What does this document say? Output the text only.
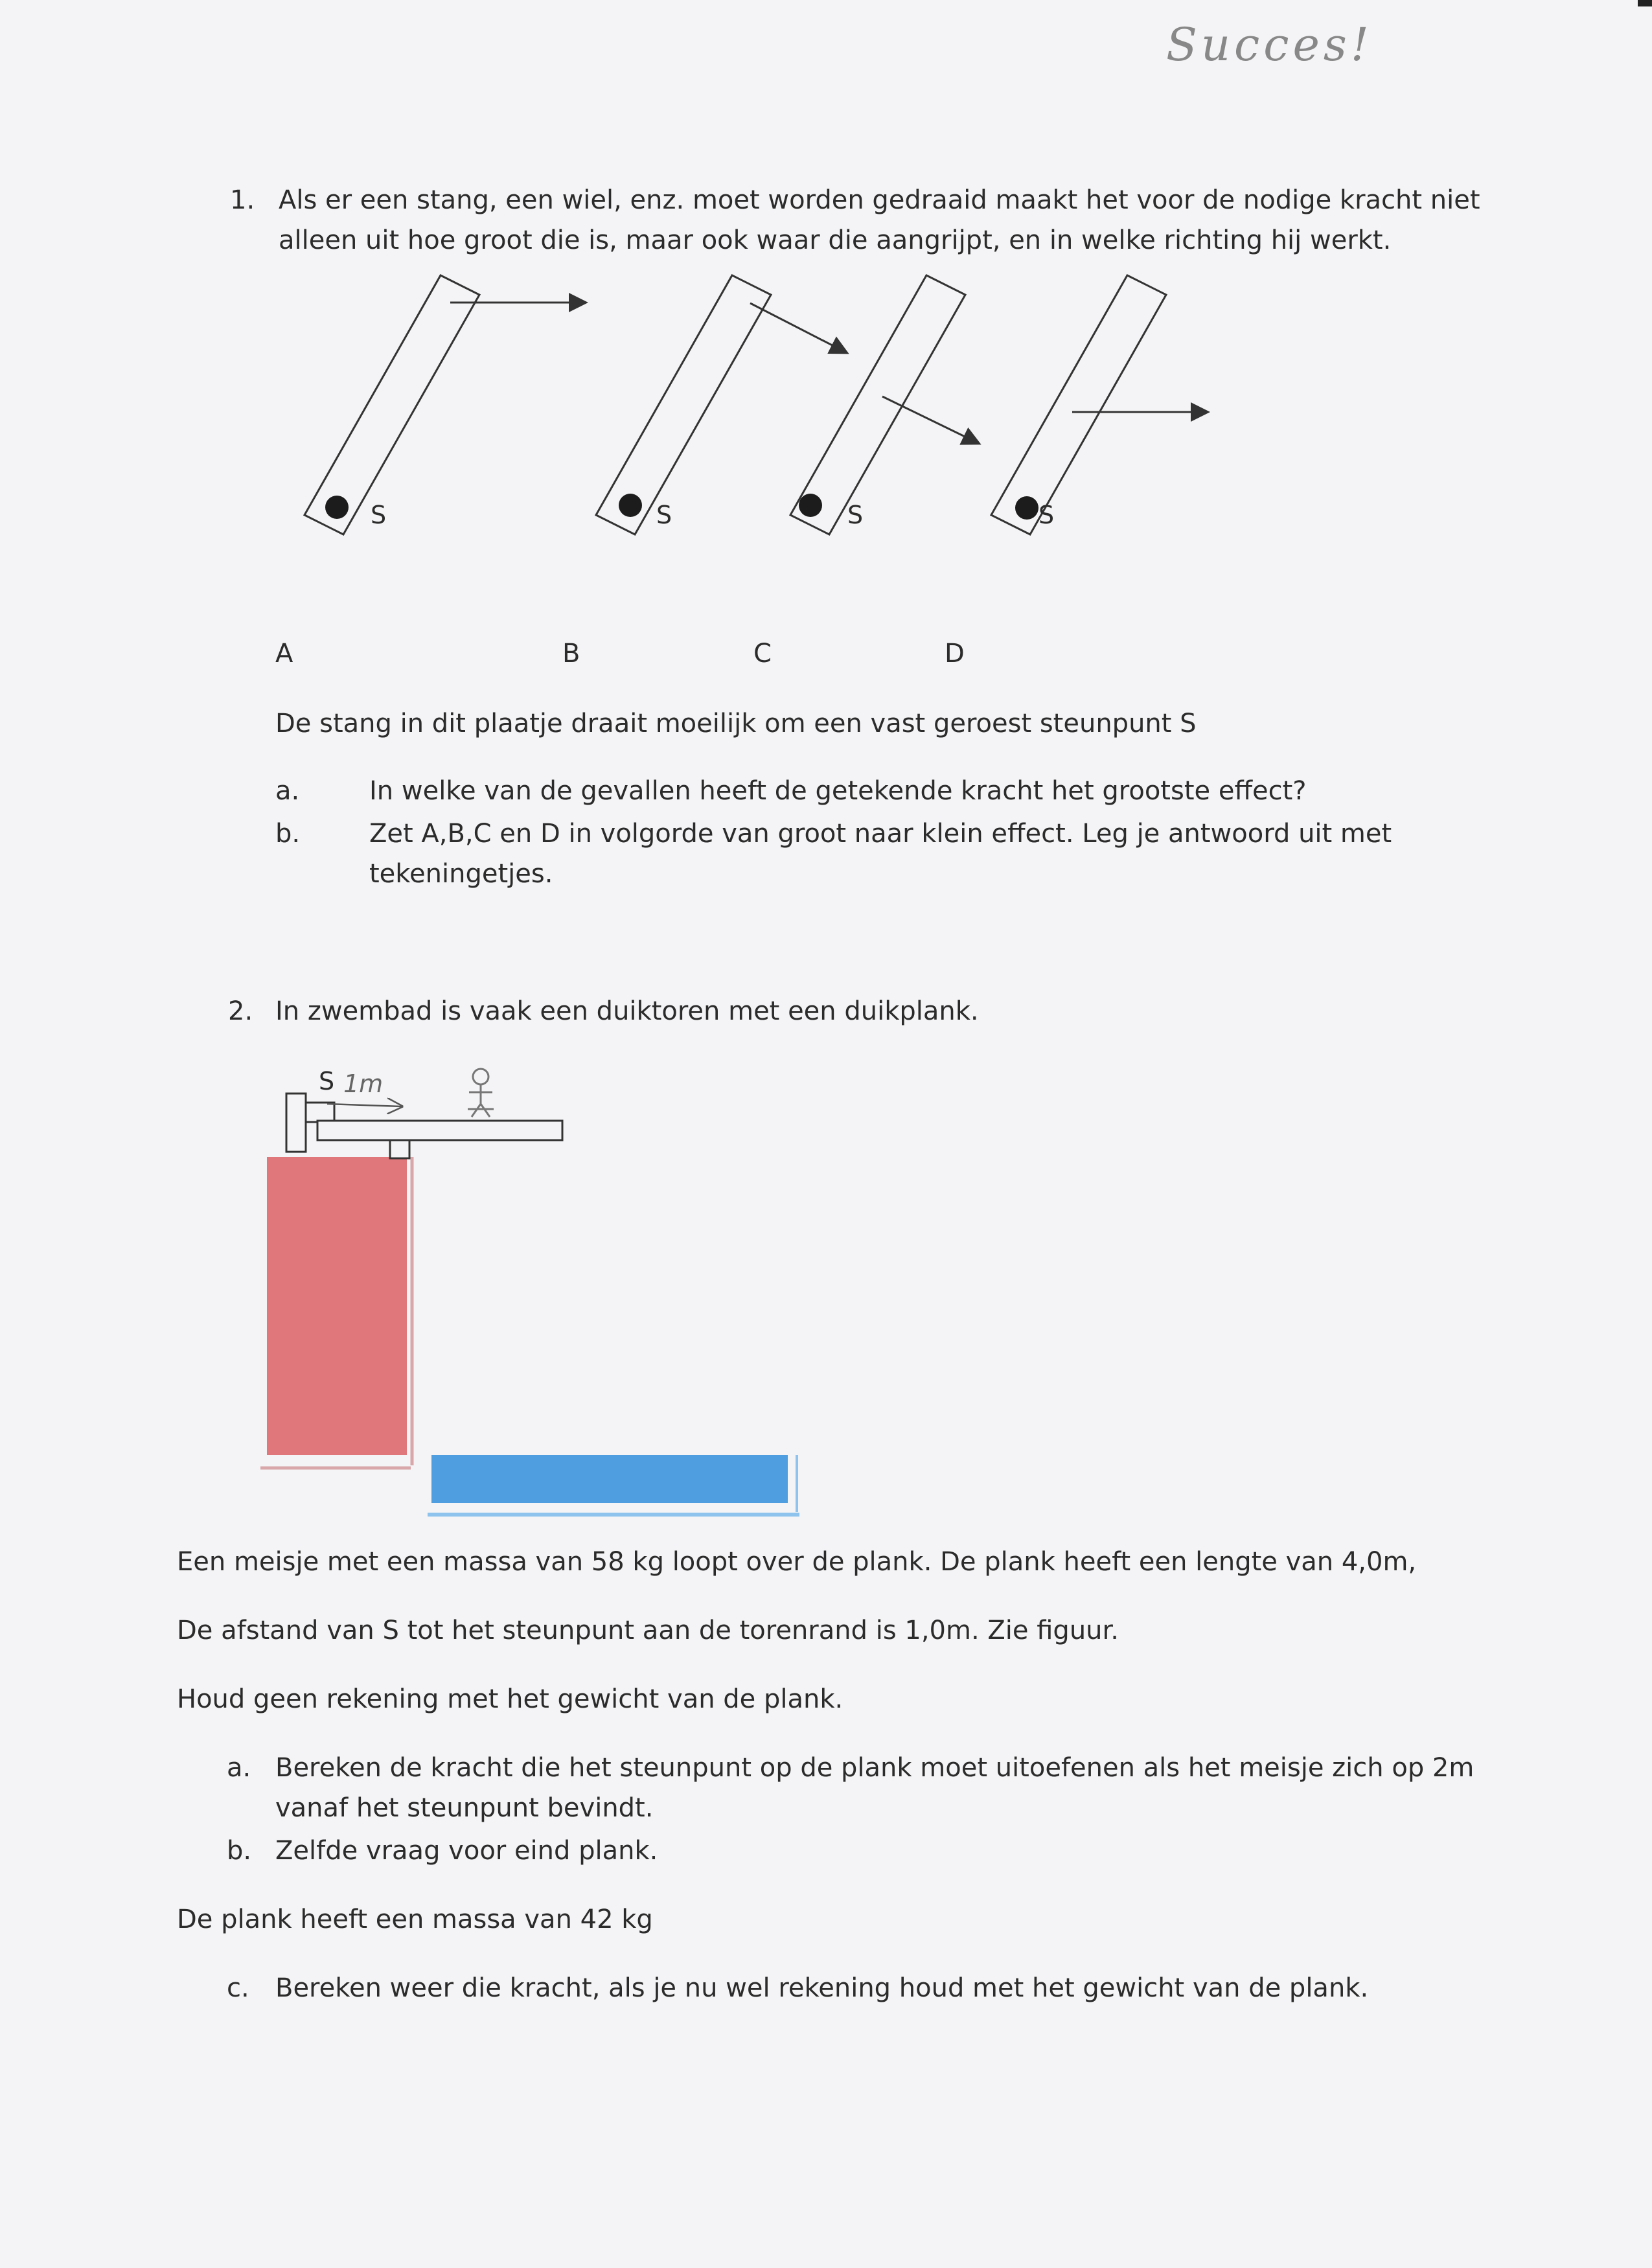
Succes!
1. Als er een stang, een wiel, enz. moet worden gedraaid maakt het voor de nodige kracht niet
alleen uit hoe groot die is, maar ook waar die aangrijpt, en in welke richting hij werkt.
S	S	S	S
A	B	C	D
De stang in dit plaatje draait moeilijk om een vast geroest steunpunt S
a.	In welke van de gevallen heeft de getekende kracht het grootste effect?
b.	Zet A,B,C en D in volgorde van groot naar klein effect. Leg je antwoord uit met
tekeningetjes.
2. In zwembad is vaak een duiktoren met een duikplank.
S 1m
Een meisje met een massa van 58 kg loopt over de plank. De plank heeft een lengte van 4,0m,
De afstand van S tot het steunpunt aan de torenrand is 1,0m. Zie figuur.
Houd geen rekening met het gewicht van de plank.
a. Bereken de kracht die het steunpunt op de plank moet uitoefenen als het meisje zich op 2m
vanaf het steunpunt bevindt.
b. Zelfde vraag voor eind plank.
De plank heeft een massa van 42 kg
c. Bereken weer die kracht, als je nu wel rekening houd met het gewicht van de plank.
